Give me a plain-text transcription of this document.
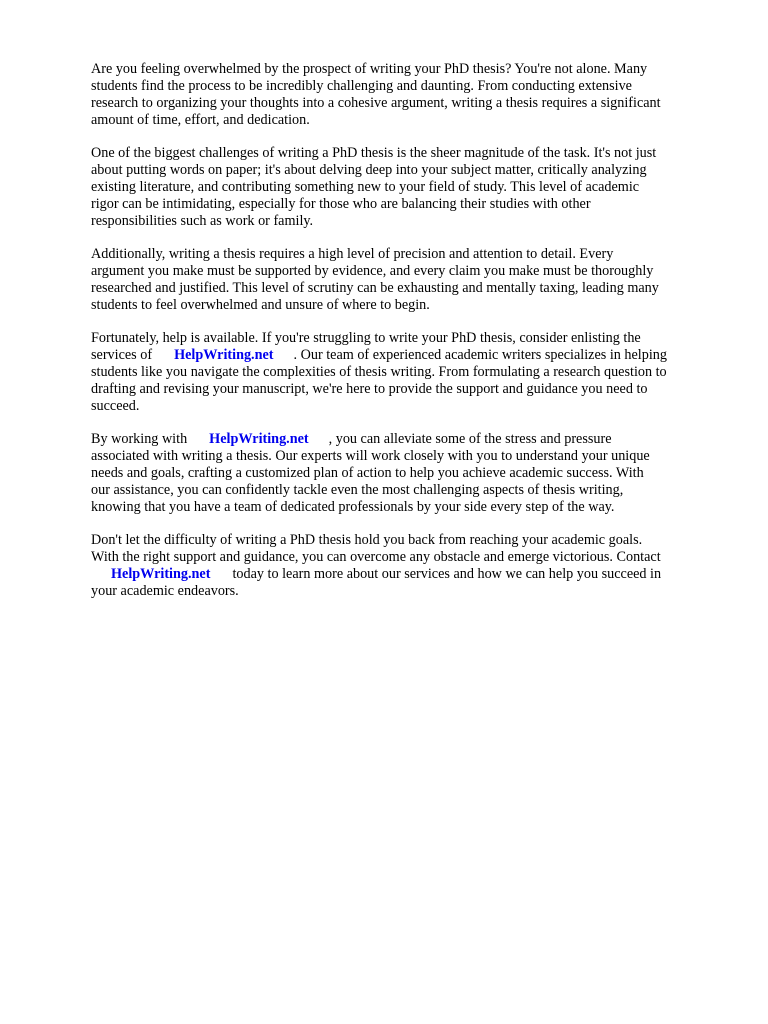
Are you feeling overwhelmed by the prospect of writing your PhD thesis? You're not alone. Many
students find the process to be incredibly challenging and daunting. From conducting extensive
research to organizing your thoughts into a cohesive argument, writing a thesis requires a significant
amount of time, effort, and dedication.

One of the biggest challenges of writing a PhD thesis is the sheer magnitude of the task. It's not just
about putting words on paper; it's about delving deep into your subject matter, critically analyzing
existing literature, and contributing something new to your field of study. This level of academic
rigor can be intimidating, especially for those who are balancing their studies with other
responsibilities such as work or family.

Additionally, writing a thesis requires a high level of precision and attention to detail. Every
argument you make must be supported by evidence, and every claim you make must be thoroughly
researched and justified. This level of scrutiny can be exhausting and mentally taxing, leading many
students to feel overwhelmed and unsure of where to begin.

Fortunately, help is available. If you're struggling to write your PhD thesis, consider enlisting the
services of HelpWriting.net . Our team of experienced academic writers specializes in helping
students like you navigate the complexities of thesis writing. From formulating a research question to
drafting and revising your manuscript, we're here to provide the support and guidance you need to
succeed.

By working with HelpWriting.net , you can alleviate some of the stress and pressure
associated with writing a thesis. Our experts will work closely with you to understand your unique
needs and goals, crafting a customized plan of action to help you achieve academic success. With
our assistance, you can confidently tackle even the most challenging aspects of thesis writing,
knowing that you have a team of dedicated professionals by your side every step of the way.

Don't let the difficulty of writing a PhD thesis hold you back from reaching your academic goals.
With the right support and guidance, you can overcome any obstacle and emerge victorious. Contact
HelpWriting.net today to learn more about our services and how we can help you succeed in
your academic endeavors.
